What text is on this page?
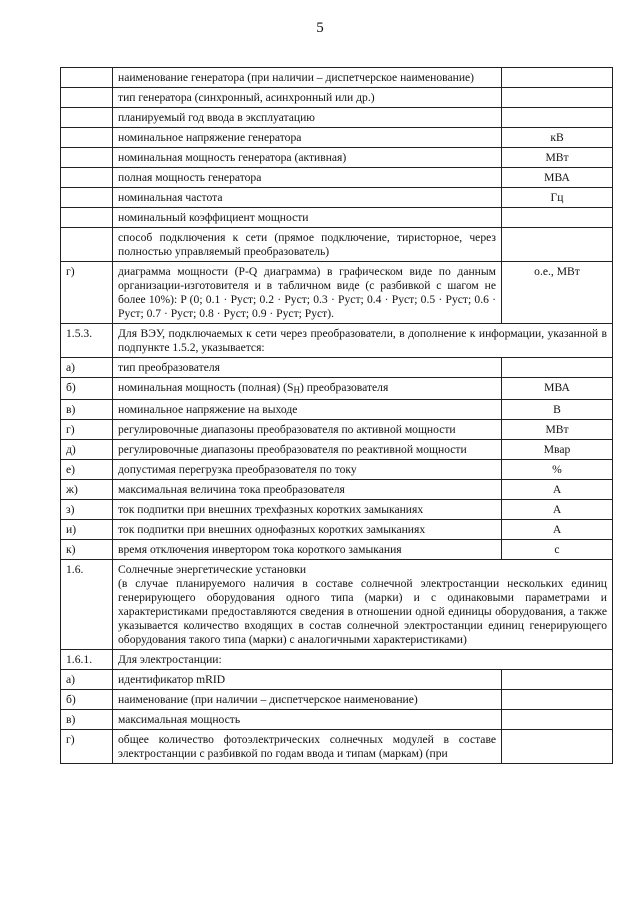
5

	наименование генератора (при наличии – диспетчерское наименование)	

	тип генератора (синхронный, асинхронный или др.)	

	планируемый год ввода в эксплуатацию	

	номинальное напряжение генератора	кВ

	номинальная мощность генератора (активная)	МВт

	полная мощность генератора	МВА

	номинальная частота	Гц

	номинальный коэффициент мощности	

	способ подключения к сети (прямое подключение, тиристорное, через полностью управляемый преобразователь)	

г)	диаграмма мощности (P-Q диаграмма) в графическом виде по данным организации-изготовителя и в табличном виде (с разбивкой с шагом не более 10%): P (0; 0.1 · Руст; 0.2 · Руст; 0.3 · Руст; 0.4 · Руст; 0.5 · Руст; 0.6 · Руст; 0.7 · Руст; 0.8 · Руст; 0.9 · Руст; Руст).	о.е., МВт
1.5.3.	Для ВЭУ, подключаемых к сети через преобразователи, в дополнение к информации, указанной в подпункте 1.5.2, указывается:	

а)	тип преобразователя	

б)	номинальная мощность (полная) $(S_Н)$ преобразователя	МВА
в)	номинальное напряжение на выходе	В
г)	регулировочные диапазоны преобразователя по активной мощности	МВт
д)	регулировочные диапазоны преобразователя по реактивной мощности	Мвар
е)	допустимая перегрузка преобразователя по току	%
ж)	максимальная величина тока преобразователя	А
з)	ток подпитки при внешних трехфазных коротких замыканиях	А
и)	ток подпитки при внешних однофазных коротких замыканиях	А
к)	время отключения инвертором тока короткого замыкания	с
1.6.	Солнечные энергетические установки
(в случае планируемого наличия в составе солнечной электростанции нескольких единиц генерирующего оборудования одного типа (марки) и с одинаковыми параметрами и характеристиками предоставляются сведения в отношении одной единицы оборудования, а также указывается количество входящих в состав солнечной электростанции единиц генерирующего оборудования такого типа (марки) с аналогичными характеристиками)	

1.6.1.	Для электростанции:	

а)	идентификатор mRID	

б)	наименование (при наличии – диспетчерское наименование)	

в)	максимальная мощность	

г)	общее количество фотоэлектрических солнечных модулей в составе электростанции с разбивкой по годам ввода и типам (маркам) (при	
